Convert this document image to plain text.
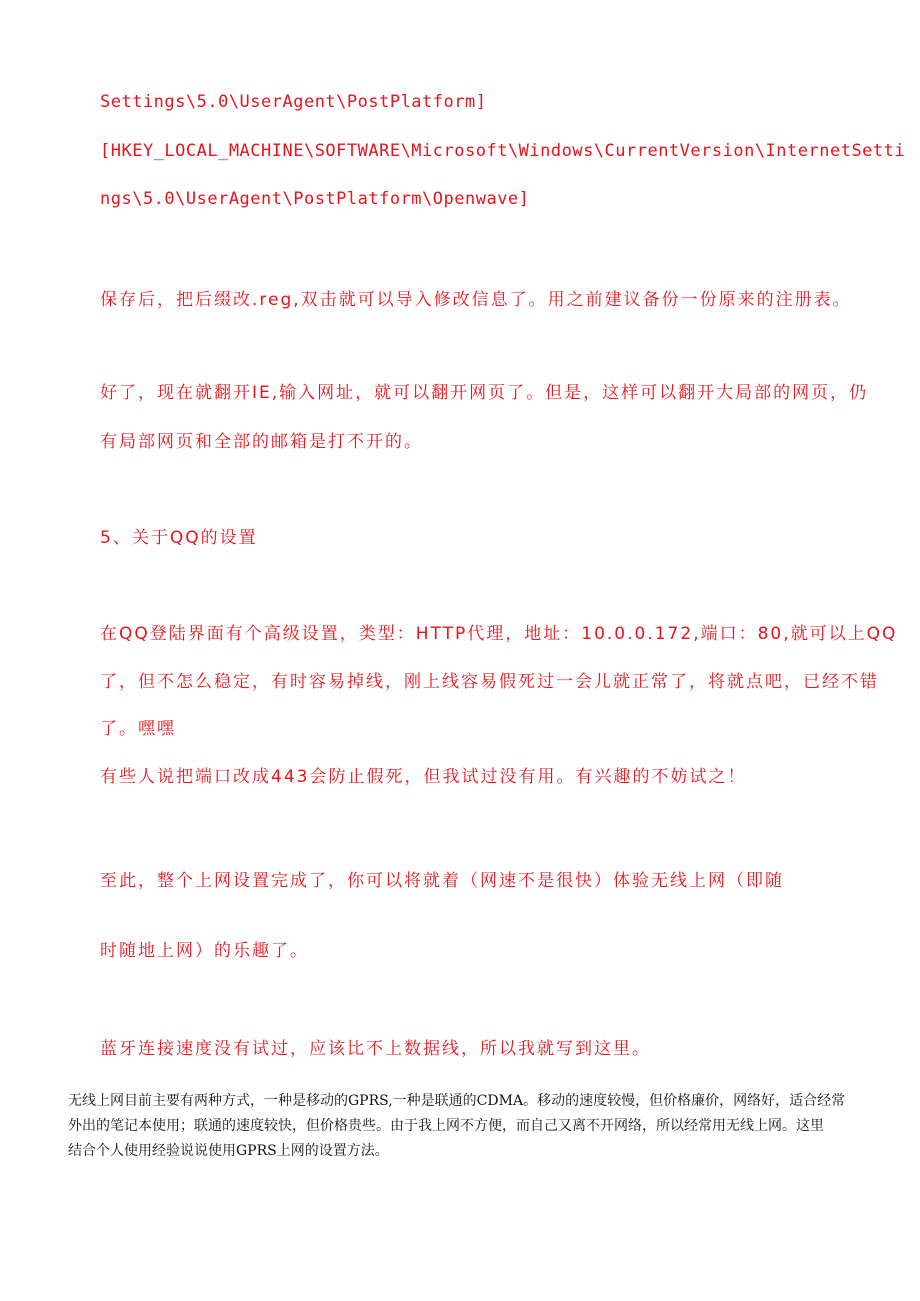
Settings\5.0\UserAgent\PostPlatform]
[HKEY_LOCAL_MACHINE\SOFTWARE\Microsoft\Windows\CurrentVersion\InternetSetti
ngs\5.0\UserAgent\PostPlatform\Openwave]
保存后，把后缀改.reg,双击就可以导入修改信息了。用之前建议备份一份原来的注册表。
好了，现在就翻开IE,输入网址，就可以翻开网页了。但是，这样可以翻开大局部的网页，仍
有局部网页和全部的邮箱是打不开的。
5、关于QQ的设置
在QQ登陆界面有个高级设置，类型：HTTP代理，地址：10.0.0.172,端口：80,就可以上QQ
了，但不怎么稳定，有时容易掉线，刚上线容易假死过一会儿就正常了，将就点吧，已经不错
了。嘿嘿
有些人说把端口改成443会防止假死，但我试过没有用。有兴趣的不妨试之！
至此，整个上网设置完成了，你可以将就着（网速不是很快）体验无线上网（即随
时随地上网）的乐趣了。
蓝牙连接速度没有试过，应该比不上数据线，所以我就写到这里。
无线上网目前主要有两种方式，一种是移动的GPRS,一种是联通的CDMA。移动的速度较慢，但价格廉价，网络好，适合经常
外出的笔记本使用；联通的速度较快，但价格贵些。由于我上网不方便，而自己又离不开网络，所以经常用无线上网。这里
结合个人使用经验说说使用GPRS上网的设置方法。
